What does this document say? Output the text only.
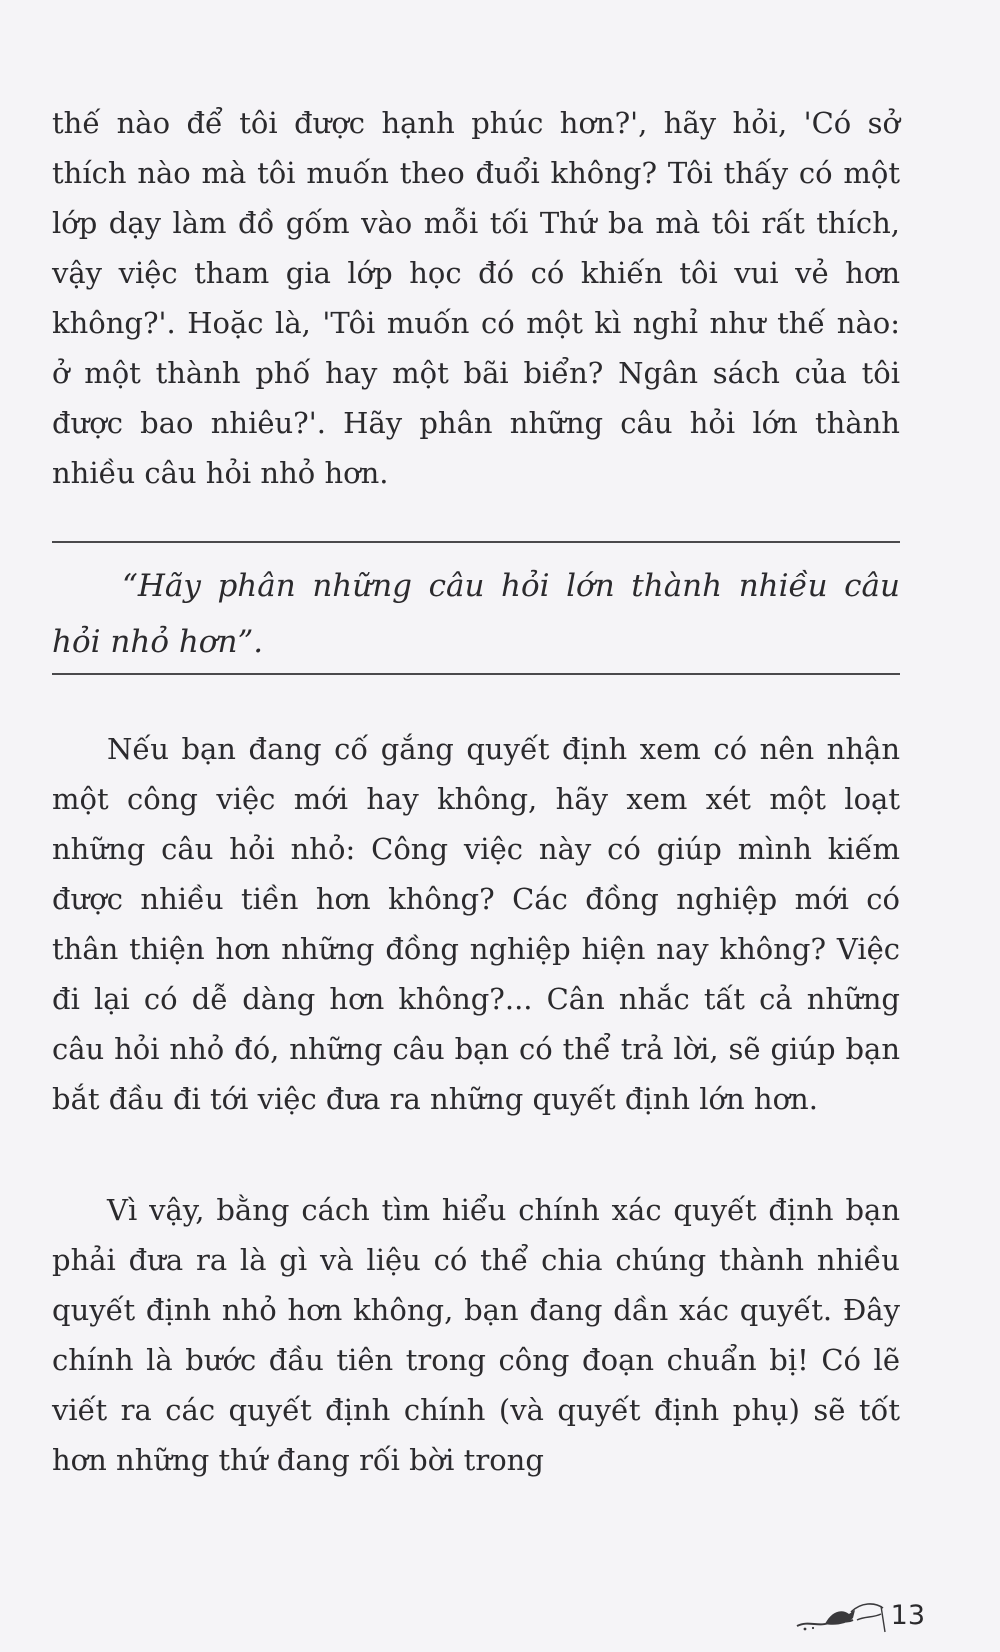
thế nào để tôi được hạnh phúc hơn?', hãy hỏi, 'Có sở thích nào mà tôi muốn theo đuổi không? Tôi thấy có một lớp dạy làm đồ gốm vào mỗi tối Thứ ba mà tôi rất thích, vậy việc tham gia lớp học đó có khiến tôi vui vẻ hơn không?'. Hoặc là, 'Tôi muốn có một kì nghỉ như thế nào: ở một thành phố hay một bãi biển? Ngân sách của tôi được bao nhiêu?'. Hãy phân những câu hỏi lớn thành nhiều câu hỏi nhỏ hơn.

“Hãy phân những câu hỏi lớn thành nhiều câu hỏi nhỏ hơn”.

Nếu bạn đang cố gắng quyết định xem có nên nhận một công việc mới hay không, hãy xem xét một loạt những câu hỏi nhỏ: Công việc này có giúp mình kiếm được nhiều tiền hơn không? Các đồng nghiệp mới có thân thiện hơn những đồng nghiệp hiện nay không? Việc đi lại có dễ dàng hơn không?... Cân nhắc tất cả những câu hỏi nhỏ đó, những câu bạn có thể trả lời, sẽ giúp bạn bắt đầu đi tới việc đưa ra những quyết định lớn hơn.

Vì vậy, bằng cách tìm hiểu chính xác quyết định bạn phải đưa ra là gì và liệu có thể chia chúng thành nhiều quyết định nhỏ hơn không, bạn đang dần xác quyết. Đây chính là bước đầu tiên trong công đoạn chuẩn bị! Có lẽ viết ra các quyết định chính (và quyết định phụ) sẽ tốt hơn những thứ đang rối bời trong

13
